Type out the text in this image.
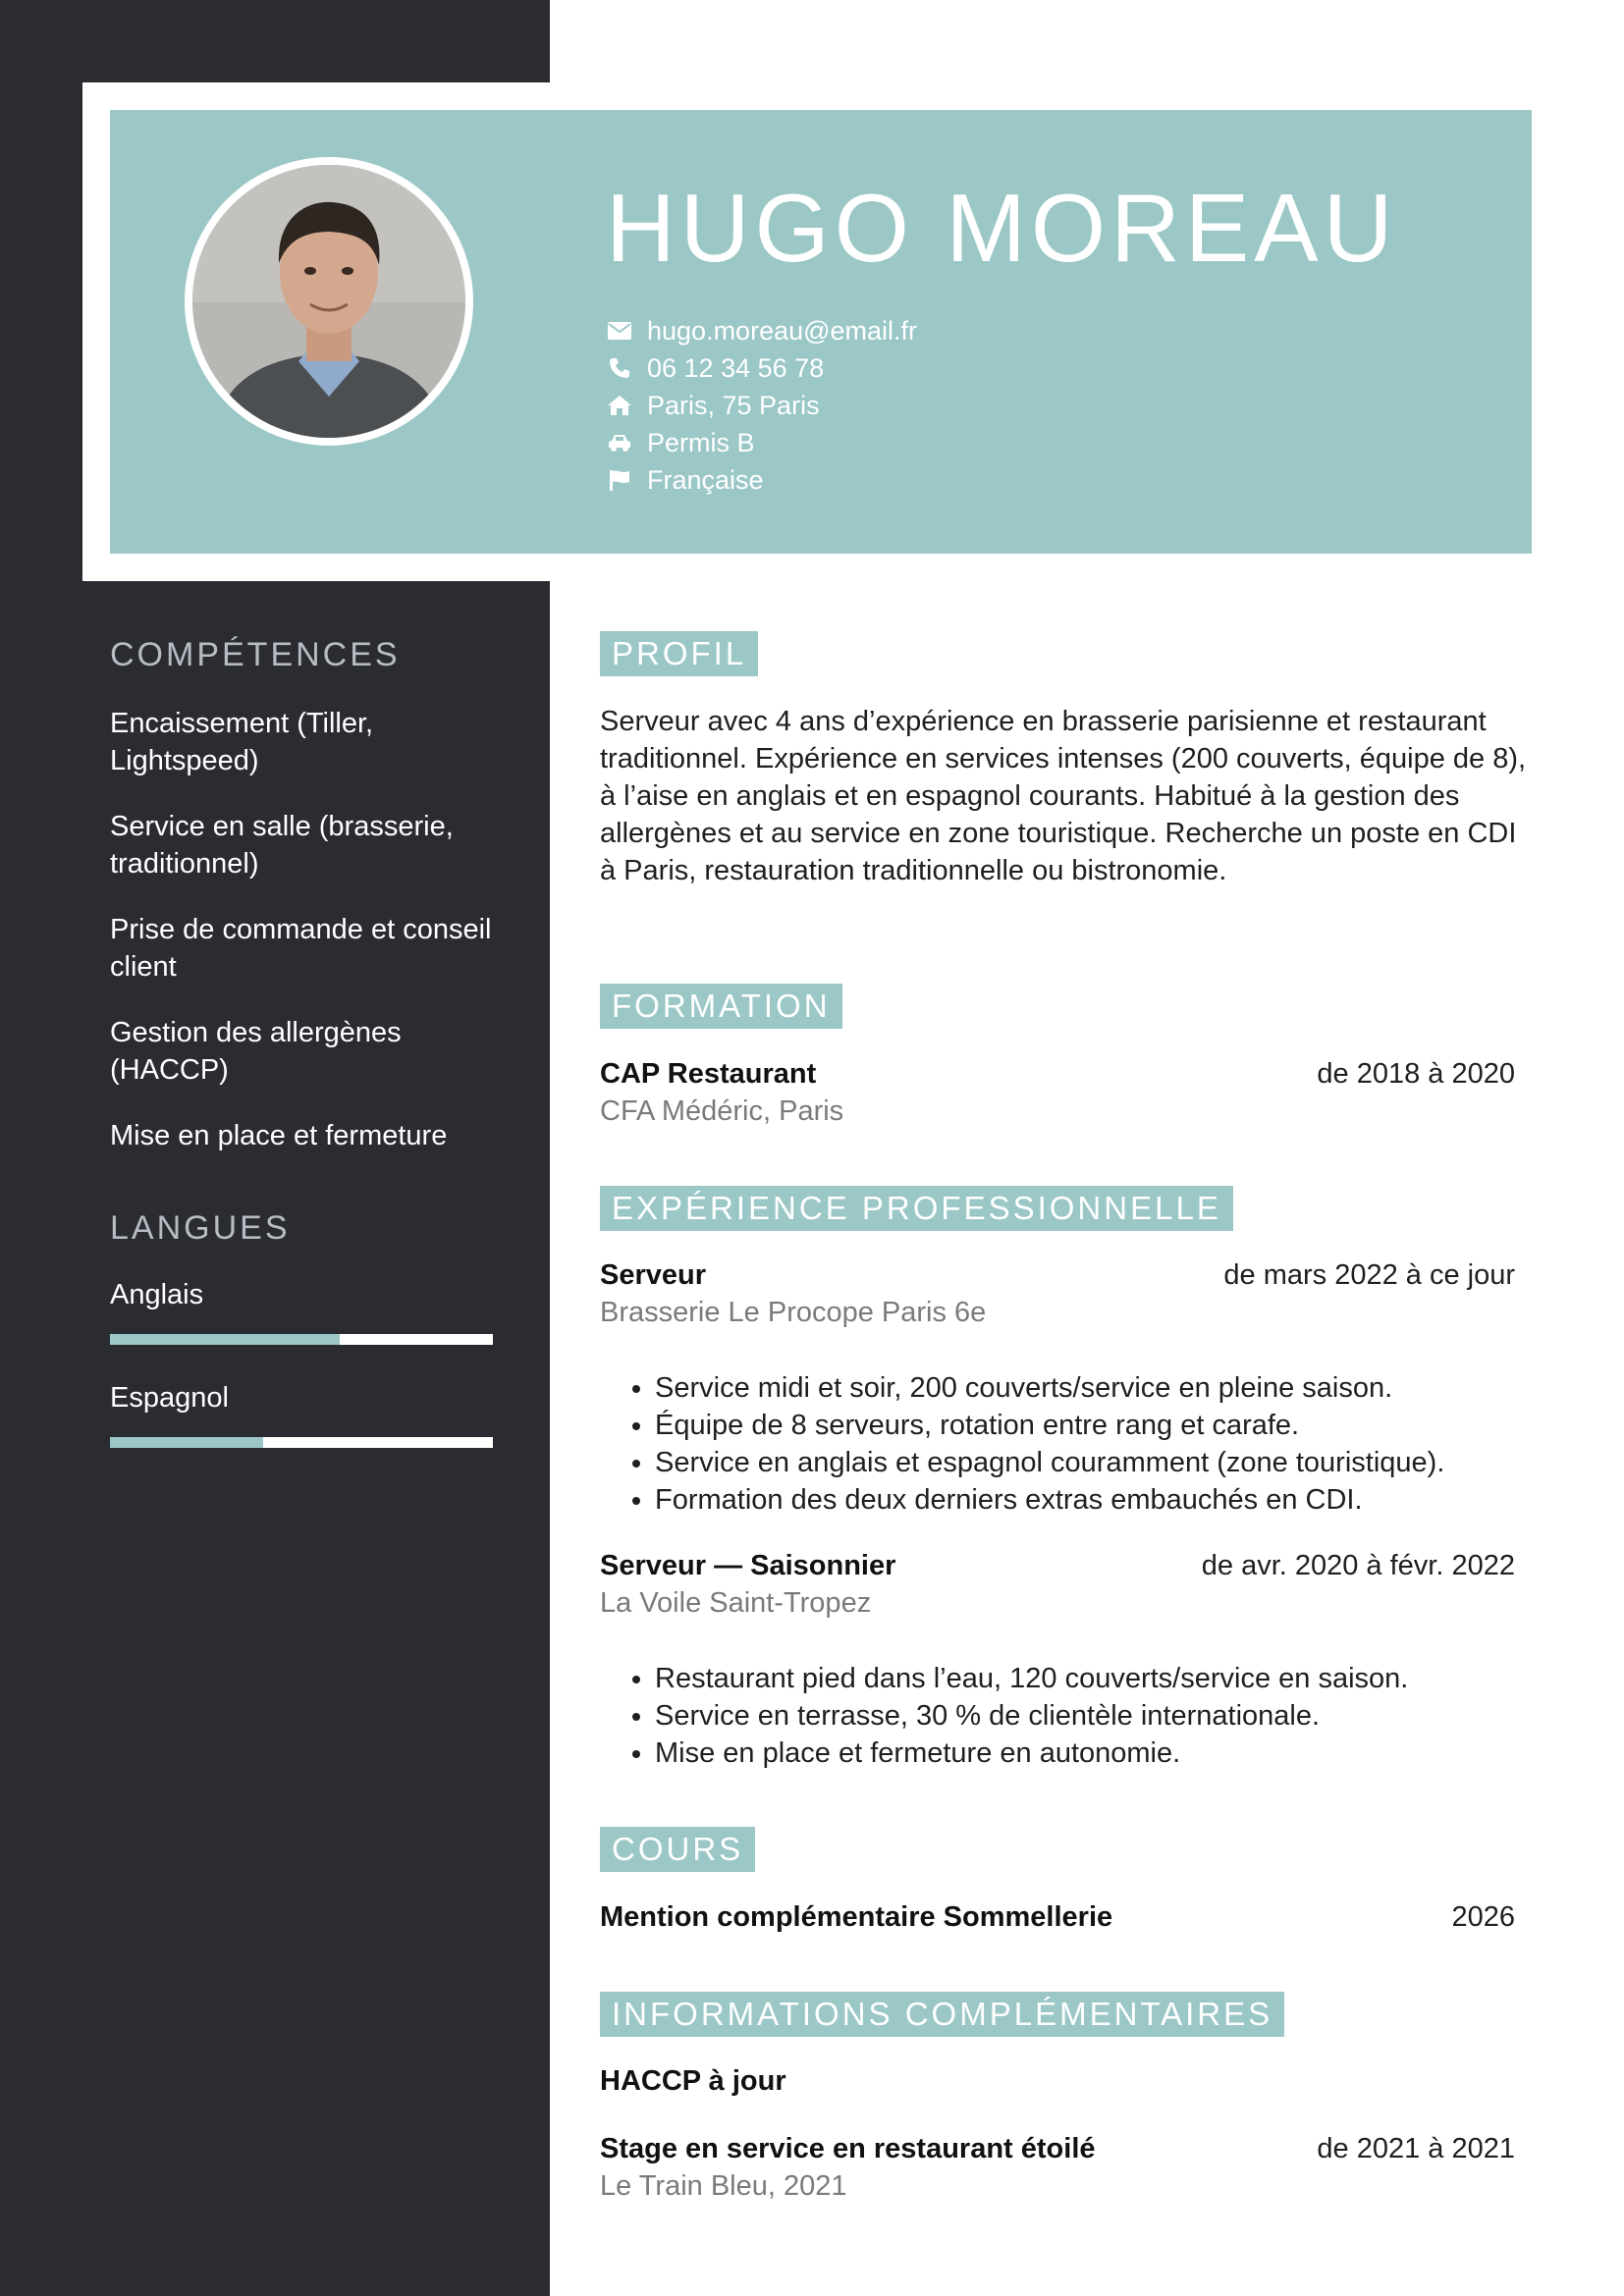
HUGO MOREAU
hugo.moreau@email.fr
06 12 34 56 78
Paris, 75 Paris
Permis B
Française
COMPÉTENCES
Encaissement (Tiller, Lightspeed)
Service en salle (brasserie, traditionnel)
Prise de commande et conseil client
Gestion des allergènes (HACCP)
Mise en place et fermeture
LANGUES
Anglais
Espagnol
PROFIL

Serveur avec 4 ans d’expérience en brasserie parisienne et restaurant traditionnel. Expérience en services intenses (200 couverts, équipe de 8), à l’aise en anglais et en espagnol courants. Habitué à la gestion des allergènes et au service en zone touristique. Recherche un poste en CDI à Paris, restauration traditionnelle ou bistronomie.

FORMATION
CAP Restaurant	de 2018 à 2020
CFA Médéric, Paris
EXPÉRIENCE PROFESSIONNELLE
Serveur	de mars 2022 à ce jour
Brasserie Le Procope Paris 6e
• Service midi et soir, 200 couverts/service en pleine saison.
• Équipe de 8 serveurs, rotation entre rang et carafe.
• Service en anglais et espagnol couramment (zone touristique).
• Formation des deux derniers extras embauchés en CDI.
Serveur — Saisonnier	de avr. 2020 à févr. 2022
La Voile Saint-Tropez
• Restaurant pied dans l’eau, 120 couverts/service en saison.
• Service en terrasse, 30 % de clientèle internationale.
• Mise en place et fermeture en autonomie.
COURS
Mention complémentaire Sommellerie	2026
INFORMATIONS COMPLÉMENTAIRES
HACCP à jour
Stage en service en restaurant étoilé	de 2021 à 2021
Le Train Bleu, 2021
